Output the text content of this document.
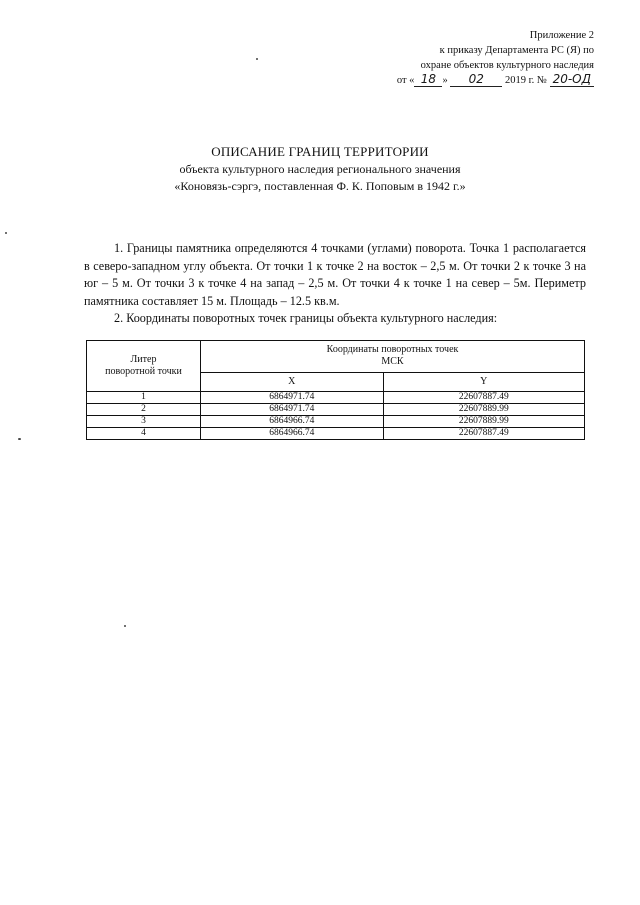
Приложение 2
к приказу Департамента РС (Я) по
охране объектов культурного наследия
от « 18 » 02 2019 г. № 20-ОД
ОПИСАНИЕ ГРАНИЦ ТЕРРИТОРИИ
объекта культурного наследия регионального значения
«Коновязь-сэргэ, поставленная Ф. К. Поповым в 1942 г.»

1. Границы памятника определяются 4 точками (углами) поворота. Точка 1 располагается в северо-западном углу объекта. От точки 1 к точке 2 на восток – 2,5 м. От точки 2 к точке 3 на юг – 5 м. От точки 3 к точке 4 на запад – 2,5 м. От точки 4 к точке 1 на север – 5м. Периметр памятника составляет 15 м. Площадь – 12.5 кв.м.

2. Координаты поворотных точек границы объекта культурного наследия:

Литер
поворотной точки	Координаты поворотных точек
МСК	
	X	Y
1	6864971.74	22607887.49
2	6864971.74	22607889.99
3	6864966.74	22607889.99
4	6864966.74	22607887.49
